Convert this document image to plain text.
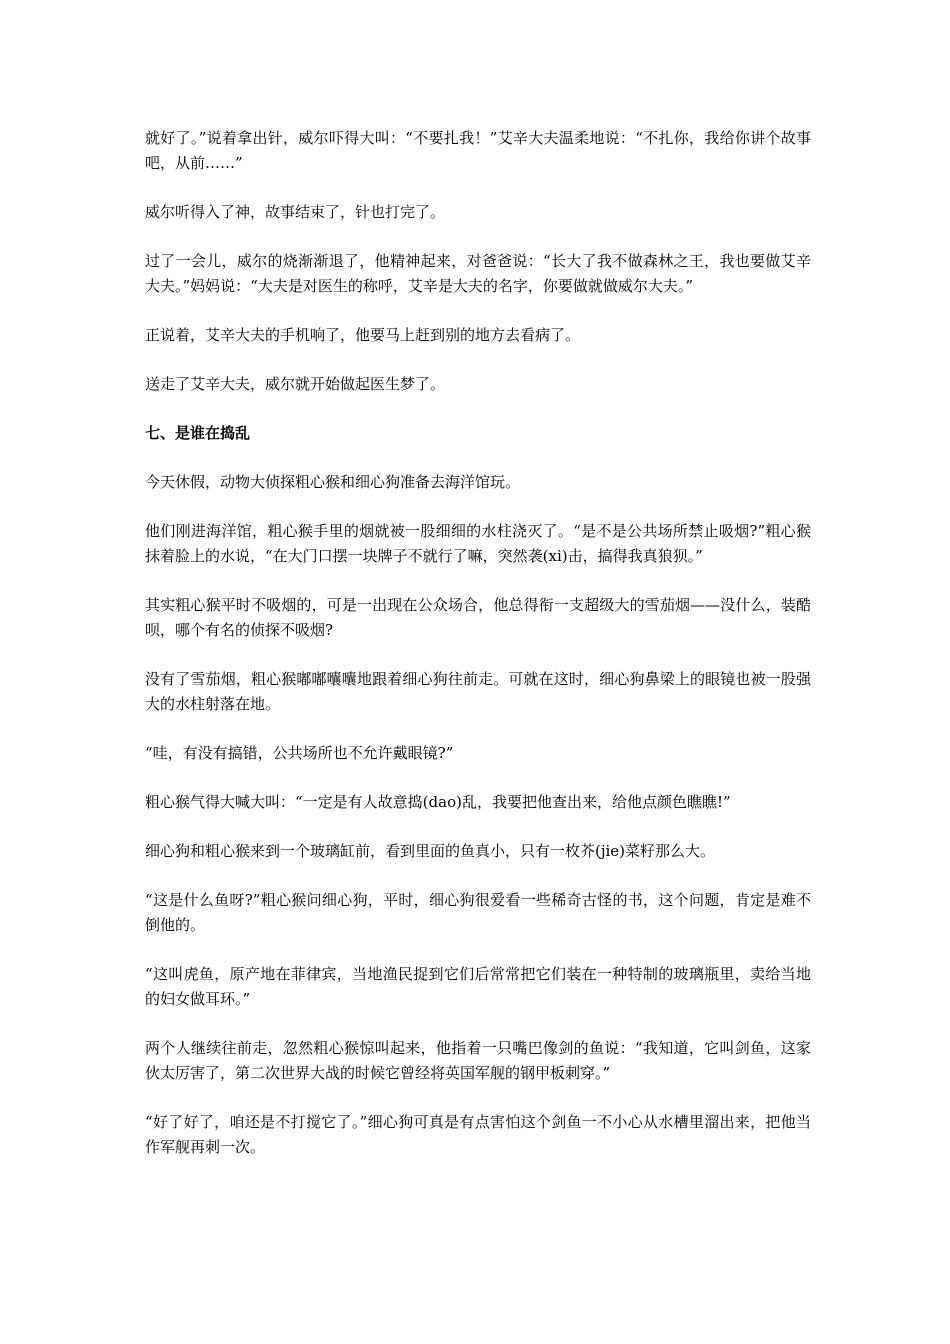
就好了。”说着拿出针，威尔吓得大叫：“不要扎我！”艾辛大夫温柔地说：“不扎你，我给你讲个故事吧，从前……”

威尔听得入了神，故事结束了，针也打完了。

过了一会儿，威尔的烧渐渐退了，他精神起来，对爸爸说：“长大了我不做森林之王，我也要做艾辛大夫。”妈妈说：“大夫是对医生的称呼，艾辛是大夫的名字，你要做就做威尔大夫。”

正说着，艾辛大夫的手机响了，他要马上赶到别的地方去看病了。

送走了艾辛大夫，威尔就开始做起医生梦了。

七、是谁在捣乱

今天休假，动物大侦探粗心猴和细心狗准备去海洋馆玩。

他们刚进海洋馆，粗心猴手里的烟就被一股细细的水柱浇灭了。“是不是公共场所禁止吸烟?”粗心猴抹着脸上的水说，“在大门口摆一块牌子不就行了嘛，突然袭(xi)击，搞得我真狼狈。”

其实粗心猴平时不吸烟的，可是一出现在公众场合，他总得衔一支超级大的雪茄烟——没什么，装酷呗，哪个有名的侦探不吸烟?

没有了雪茄烟，粗心猴嘟嘟囔囔地跟着细心狗往前走。可就在这时，细心狗鼻梁上的眼镜也被一股强大的水柱射落在地。

“哇，有没有搞错，公共场所也不允许戴眼镜?”

粗心猴气得大喊大叫：“一定是有人故意捣(dao)乱，我要把他查出来，给他点颜色瞧瞧!”

细心狗和粗心猴来到一个玻璃缸前，看到里面的鱼真小，只有一枚芥(jie)菜籽那么大。

“这是什么鱼呀?”粗心猴问细心狗，平时，细心狗很爱看一些稀奇古怪的书，这个问题，肯定是难不倒他的。

“这叫虎鱼，原产地在菲律宾，当地渔民捉到它们后常常把它们装在一种特制的玻璃瓶里，卖给当地的妇女做耳环。”

两个人继续往前走，忽然粗心猴惊叫起来，他指着一只嘴巴像剑的鱼说：“我知道，它叫剑鱼，这家伙太厉害了，第二次世界大战的时候它曾经将英国军舰的钢甲板刺穿。”

“好了好了，咱还是不打搅它了。”细心狗可真是有点害怕这个剑鱼一不小心从水槽里溜出来，把他当作军舰再刺一次。
